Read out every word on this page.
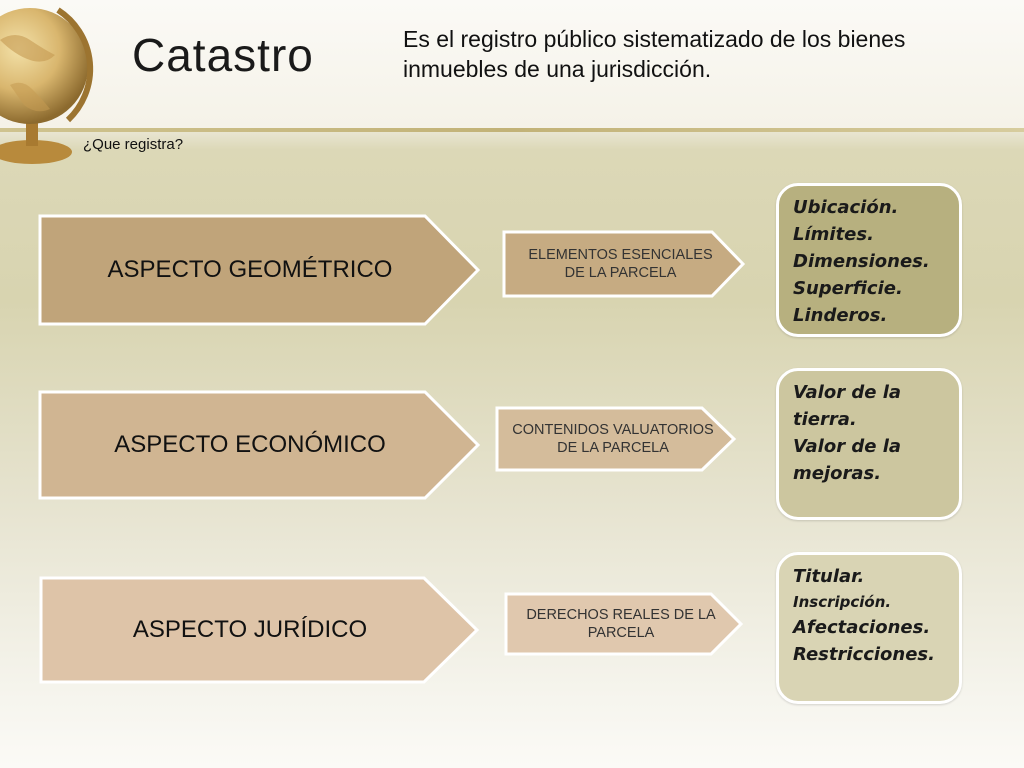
Catastro	Es el registro público sistematizado de los bienes inmuebles de una jurisdicción.
¿Que registra?
ASPECTO GEOMÉTRICO
ELEMENTOS ESENCIALES DE LA PARCELA
Ubicación.
Límites.
Dimensiones.
Superficie.
Linderos.
ASPECTO ECONÓMICO
CONTENIDOS VALUATORIOS DE LA PARCELA
Valor de la
tierra.
Valor de la
mejoras.
ASPECTO JURÍDICO
DERECHOS REALES DE LA PARCELA
Titular.
Inscripción.
Afectaciones.
Restricciones.
